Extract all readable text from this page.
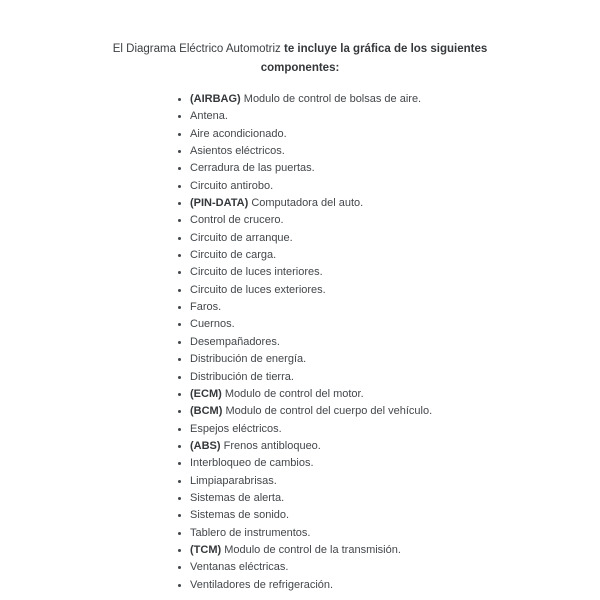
El Diagrama Eléctrico Automotriz te incluye la gráfica de los siguientes
componentes:

• (AIRBAG) Modulo de control de bolsas de aire.
• Antena.
• Aire acondicionado.
• Asientos eléctricos.
• Cerradura de las puertas.
• Circuito antirobo.
• (PIN-DATA) Computadora del auto.
• Control de crucero.
• Circuito de arranque.
• Circuito de carga.
• Circuito de luces interiores.
• Circuito de luces exteriores.
• Faros.
• Cuernos.
• Desempañadores.
• Distribución de energía.
• Distribución de tierra.
• (ECM) Modulo de control del motor.
• (BCM) Modulo de control del cuerpo del vehículo.
• Espejos eléctricos.
• (ABS) Frenos antibloqueo.
• Interbloqueo de cambios.
• Limpiaparabrisas.
• Sistemas de alerta.
• Sistemas de sonido.
• Tablero de instrumentos.
• (TCM) Modulo de control de la transmisión.
• Ventanas eléctricas.
• Ventiladores de refrigeración.
